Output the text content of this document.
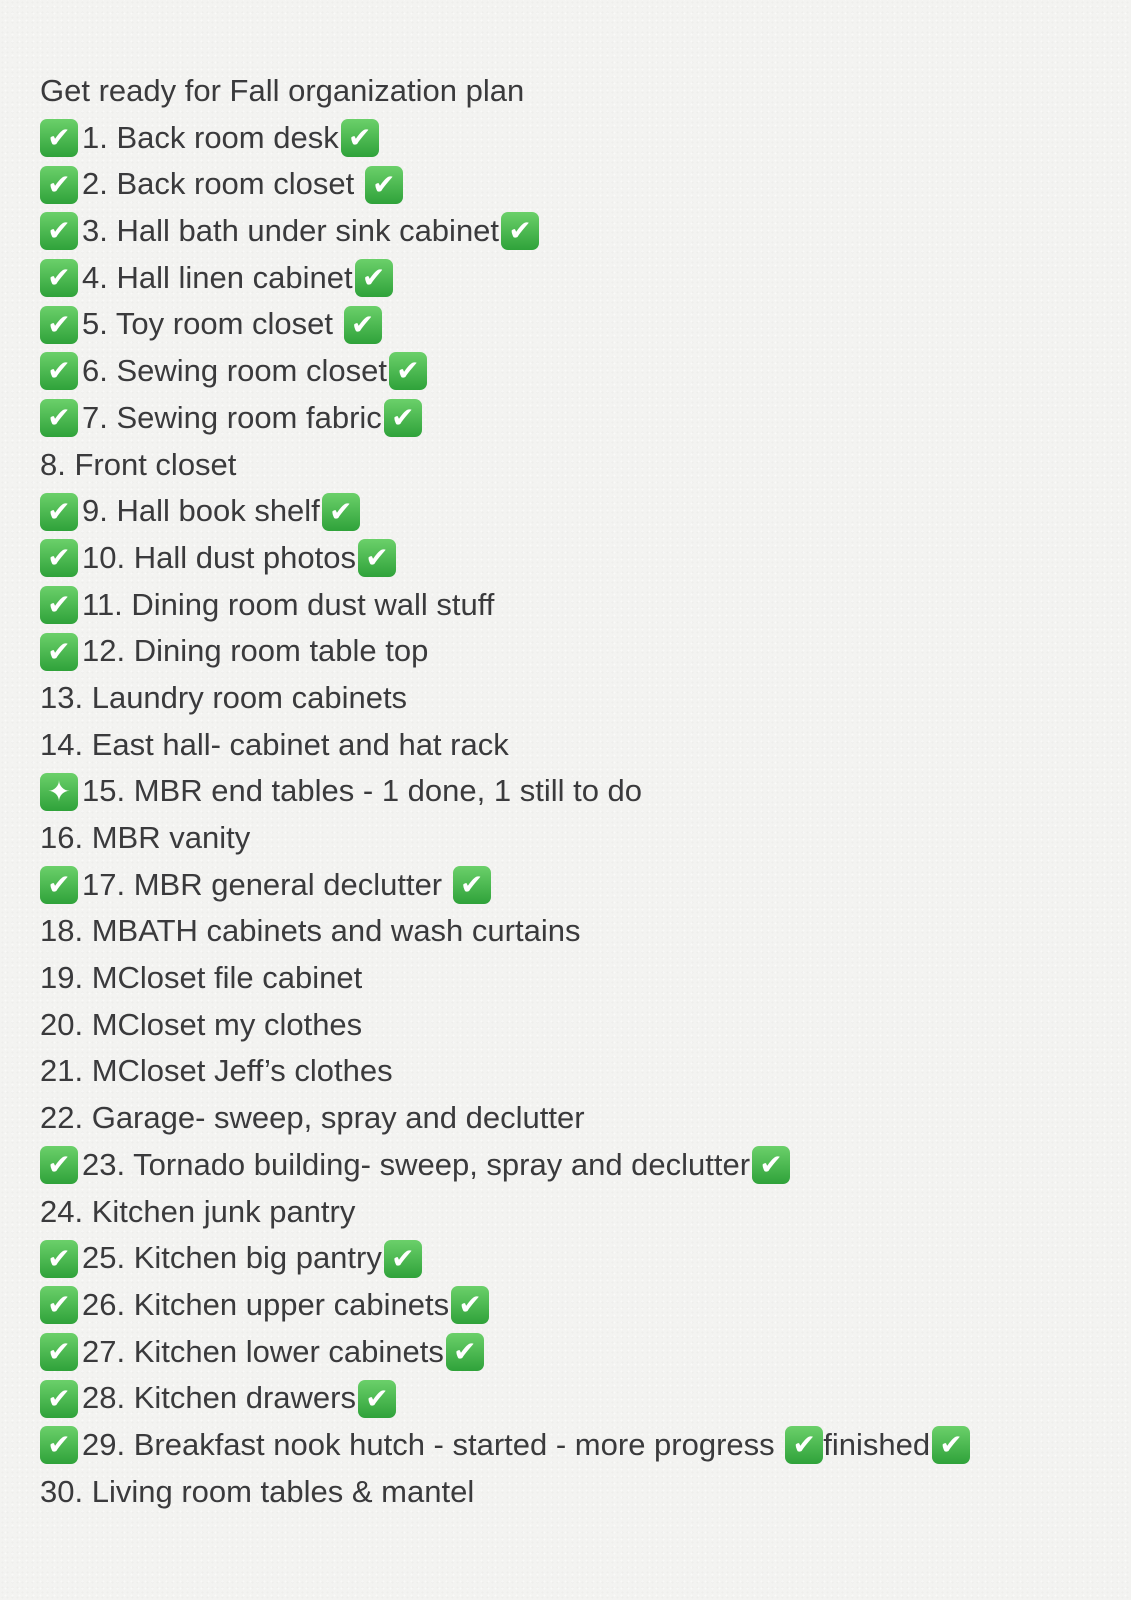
Get ready for Fall organization plan
✔ 1. Back room desk ✔
✔ 2. Back room closet ✔
✔ 3. Hall bath under sink cabinet ✔
✔ 4. Hall linen cabinet ✔
✔ 5. Toy room closet ✔
✔ 6. Sewing room closet ✔
✔ 7. Sewing room fabric ✔
8. Front closet
✔ 9. Hall book shelf ✔
✔ 10. Hall dust photos ✔
✔ 11. Dining room dust wall stuff
✔ 12. Dining room table top
13. Laundry room cabinets
14. East hall- cabinet and hat rack
✦ 15. MBR end tables - 1 done, 1 still to do
16. MBR vanity
✔ 17. MBR general declutter ✔
18. MBATH cabinets and wash curtains
19. MCloset file cabinet
20. MCloset my clothes
21. MCloset Jeff’s clothes
22. Garage- sweep, spray and declutter
✔ 23. Tornado building- sweep, spray and declutter ✔
24. Kitchen junk pantry
✔ 25. Kitchen big pantry ✔
✔ 26. Kitchen upper cabinets ✔
✔ 27. Kitchen lower cabinets ✔
✔ 28. Kitchen drawers ✔
✔ 29. Breakfast nook hutch - started - more progress ✔ finished ✔
30. Living room tables & mantel
